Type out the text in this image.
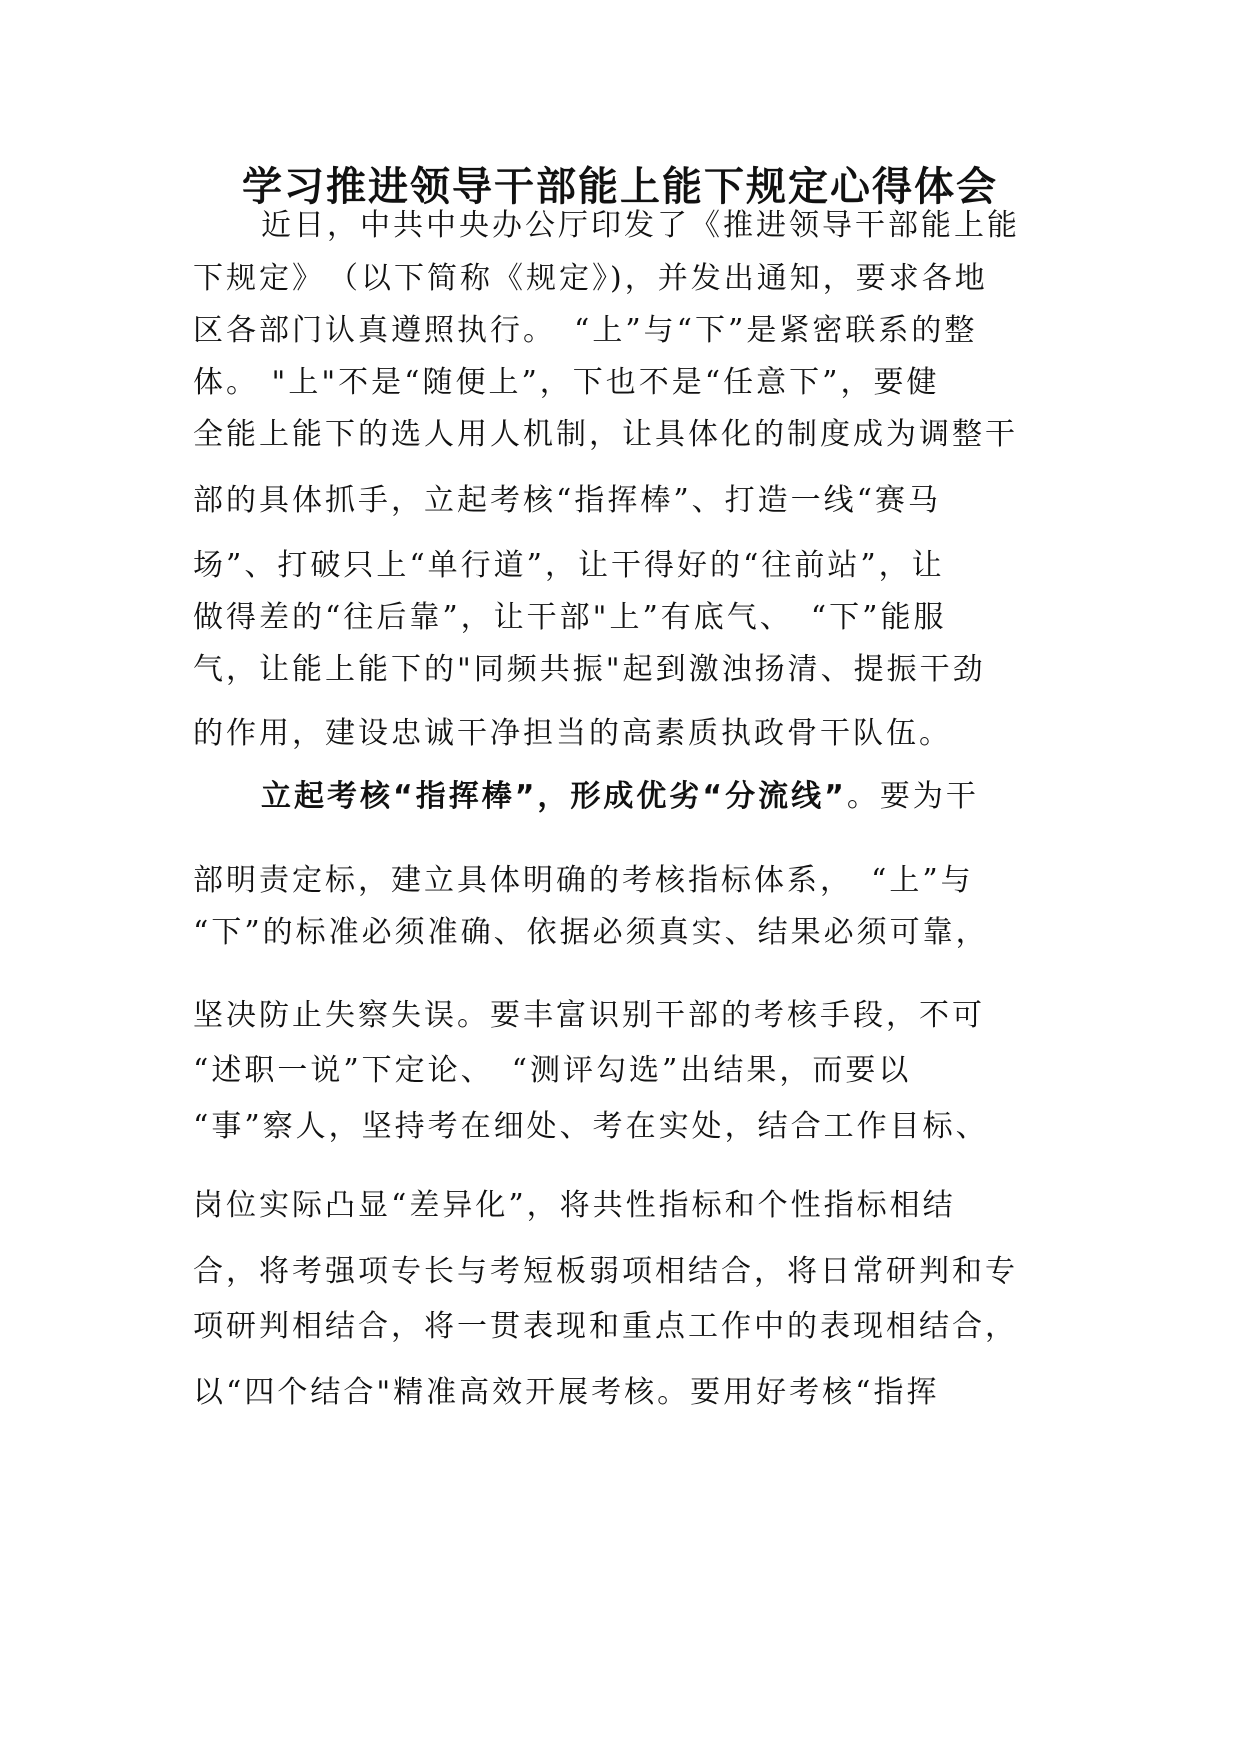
学习推进领导干部能上能下规定心得体会
近日，中共中央办公厅印发了《推进领导干部能上能
下规定》　（以下简称《规定》)，并发出通知，要求各地
区各部门认真遵照执行。　“上”与“下”是紧密联系的整
体。 "上"不是“随便上”，下也不是“任意下”，要健
全能上能下的选人用人机制，让具体化的制度成为调整干
部的具体抓手，立起考核“指挥棒”、打造一线“赛马
场”、打破只上“单行道”，让干得好的“往前站”，让
做得差的“往后靠”，让干部"上”有底气、　“下”能服
气，让能上能下的"同频共振"起到激浊扬清、提振干劲
的作用，建设忠诚干净担当的高素质执政骨干队伍。
立起考核“指挥棒”，形成优劣“分流线”。要为干
部明责定标，建立具体明确的考核指标体系，　“上”与
“下”的标准必须准确、依据必须真实、结果必须可靠，
坚决防止失察失误。要丰富识别干部的考核手段，不可
“述职一说”下定论、　“测评勾选”出结果，而要以
“事”察人，坚持考在细处、考在实处，结合工作目标、
岗位实际凸显“差异化”，将共性指标和个性指标相结
合，将考强项专长与考短板弱项相结合，将日常研判和专
项研判相结合，将一贯表现和重点工作中的表现相结合，
以“四个结合"精准高效开展考核。要用好考核“指挥
